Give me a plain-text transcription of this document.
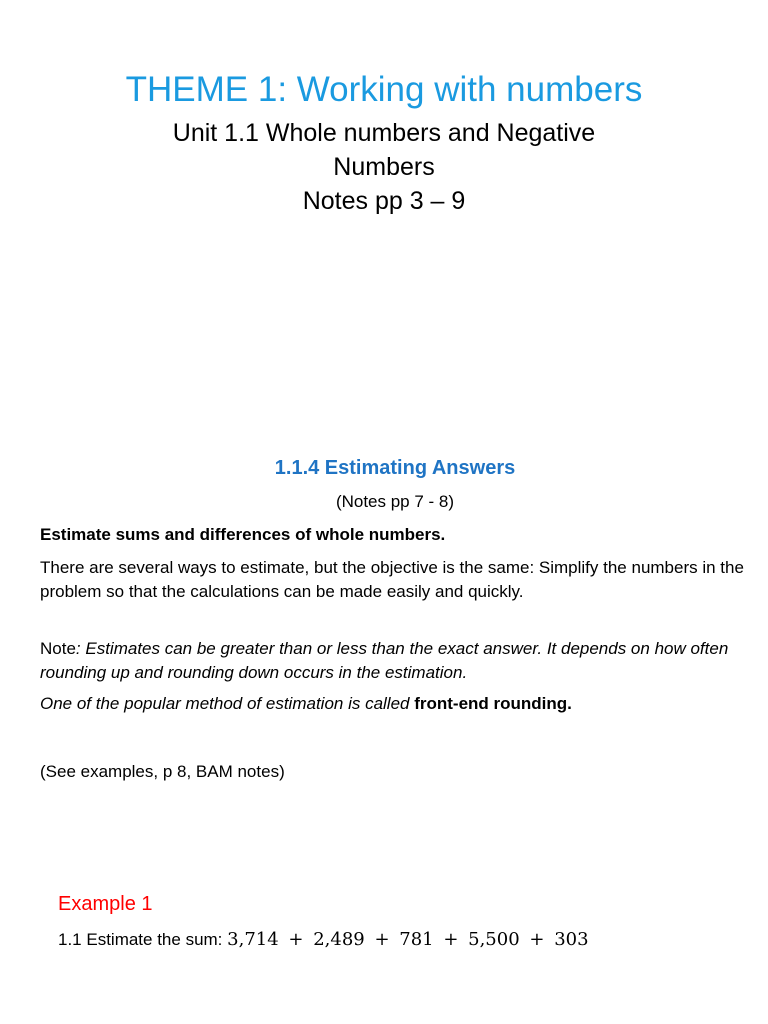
THEME 1: Working with numbers
Unit 1.1 Whole numbers and Negative
Numbers
Notes pp 3 – 9
1.1.4 Estimating Answers
(Notes pp 7 - 8)
Estimate sums and differences of whole numbers.
There are several ways to estimate, but the objective is the same: Simplify the numbers in the problem so that the calculations can be made easily and quickly.
Note: Estimates can be greater than or less than the exact answer. It depends on how often rounding up and rounding down occurs in the estimation.
One of the popular method of estimation is called front-end rounding.
(See examples, p 8, BAM notes)
Example 1
1.1 Estimate the sum: 3,714 + 2,489 + 781 + 5,500 + 303
